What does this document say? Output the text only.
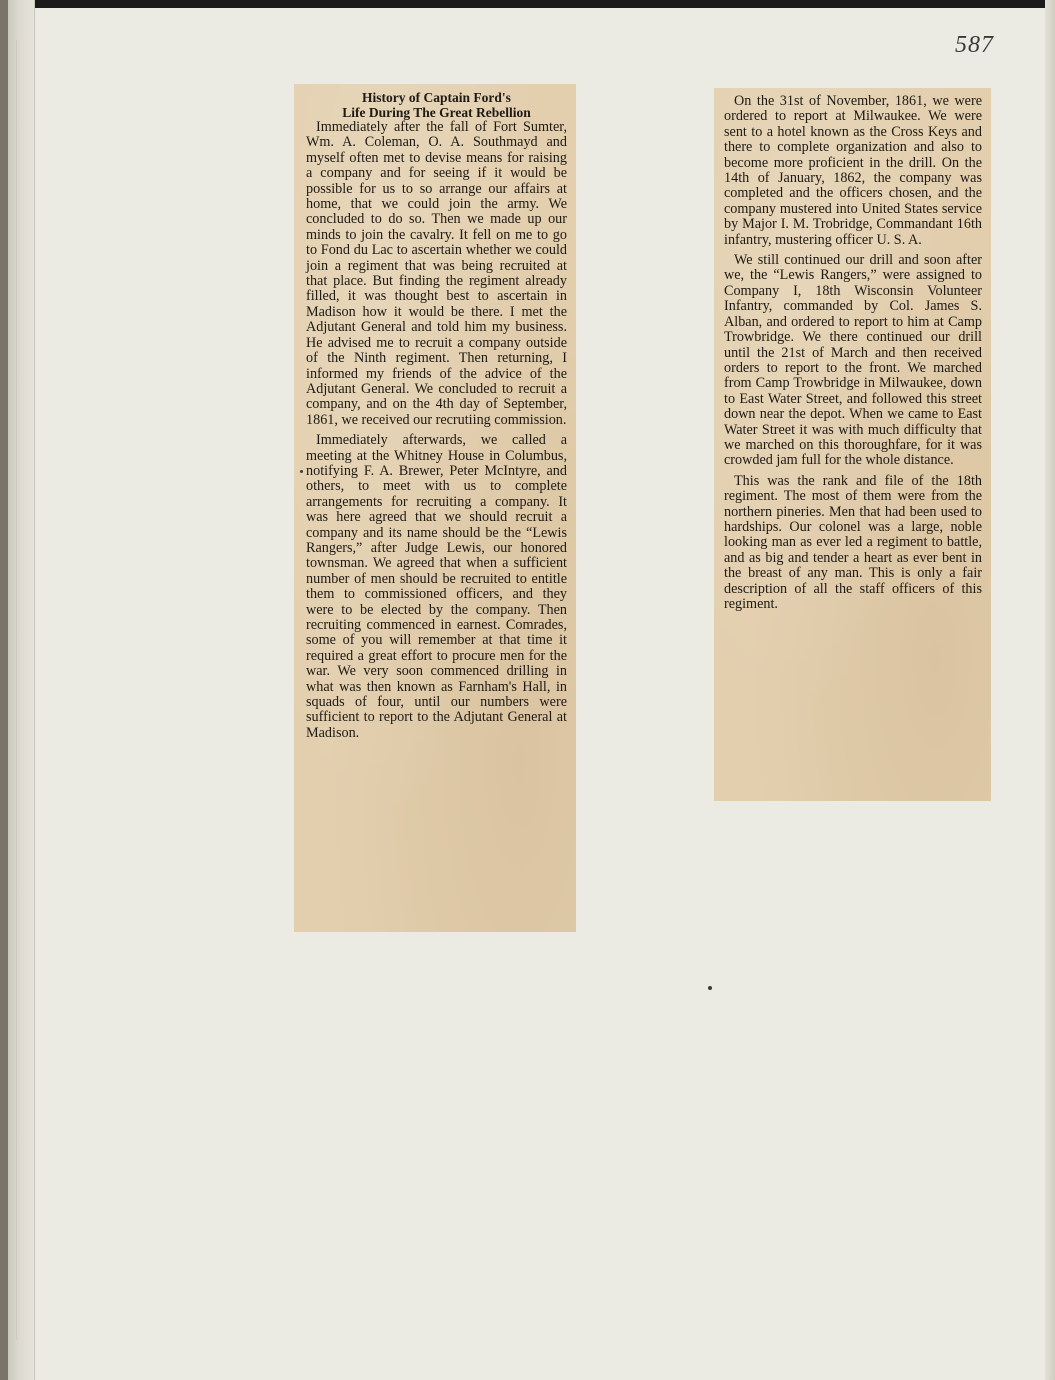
587

History of Captain Ford's

Life During The Great Rebellion

Immediately after the fall of Fort Sumter, Wm. A. Coleman, O. A. Southmayd and myself often met to devise means for raising a company and for seeing if it would be possible for us to so arrange our affairs at home, that we could join the army. We concluded to do so. Then we made up our minds to join the cavalry. It fell on me to go to Fond du Lac to ascertain whether we could join a regiment that was being recruited at that place. But finding the regiment already filled, it was thought best to ascertain in Madison how it would be there. I met the Adjutant General and told him my business. He advised me to recruit a company outside of the Ninth regiment. Then returning, I informed my friends of the advice of the Adjutant General. We concluded to recruit a company, and on the 4th day of September, 1861, we received our recrutiing commission.

Immediately afterwards, we called a meeting at the Whitney House in Columbus, notifying F. A. Brewer, Peter McIntyre, and others, to meet with us to complete arrangements for recruiting a company. It was here agreed that we should recruit a company and its name should be the “Lewis Rangers,” after Judge Lewis, our honored townsman. We agreed that when a sufficient number of men should be recruited to entitle them to commissioned officers, and they were to be elected by the company. Then recruiting commenced in earnest. Comrades, some of you will remember at that time it required a great effort to procure men for the war. We very soon commenced drilling in what was then known as Farnham's Hall, in squads of four, until our numbers were sufficient to report to the Adjutant General at Madison.

On the 31st of November, 1861, we were ordered to report at Milwaukee. We were sent to a hotel known as the Cross Keys and there to complete organization and also to become more proficient in the drill. On the 14th of January, 1862, the company was completed and the officers chosen, and the company mustered into United States service by Major I. M. Trobridge, Commandant 16th infantry, mustering officer U. S. A.

We still continued our drill and soon after we, the “Lewis Rangers,” were assigned to Company I, 18th Wisconsin Volunteer Infantry, commanded by Col. James S. Alban, and ordered to report to him at Camp Trowbridge. We there continued our drill until the 21st of March and then received orders to report to the front. We marched from Camp Trowbridge in Milwaukee, down to East Water Street, and followed this street down near the depot. When we came to East Water Street it was with much difficulty that we marched on this thoroughfare, for it was crowded jam full for the whole distance.

This was the rank and file of the 18th regiment. The most of them were from the northern pineries. Men that had been used to hardships. Our colonel was a large, noble looking man as ever led a regiment to battle, and as big and tender a heart as ever bent in the breast of any man. This is only a fair description of all the staff officers of this regiment.
